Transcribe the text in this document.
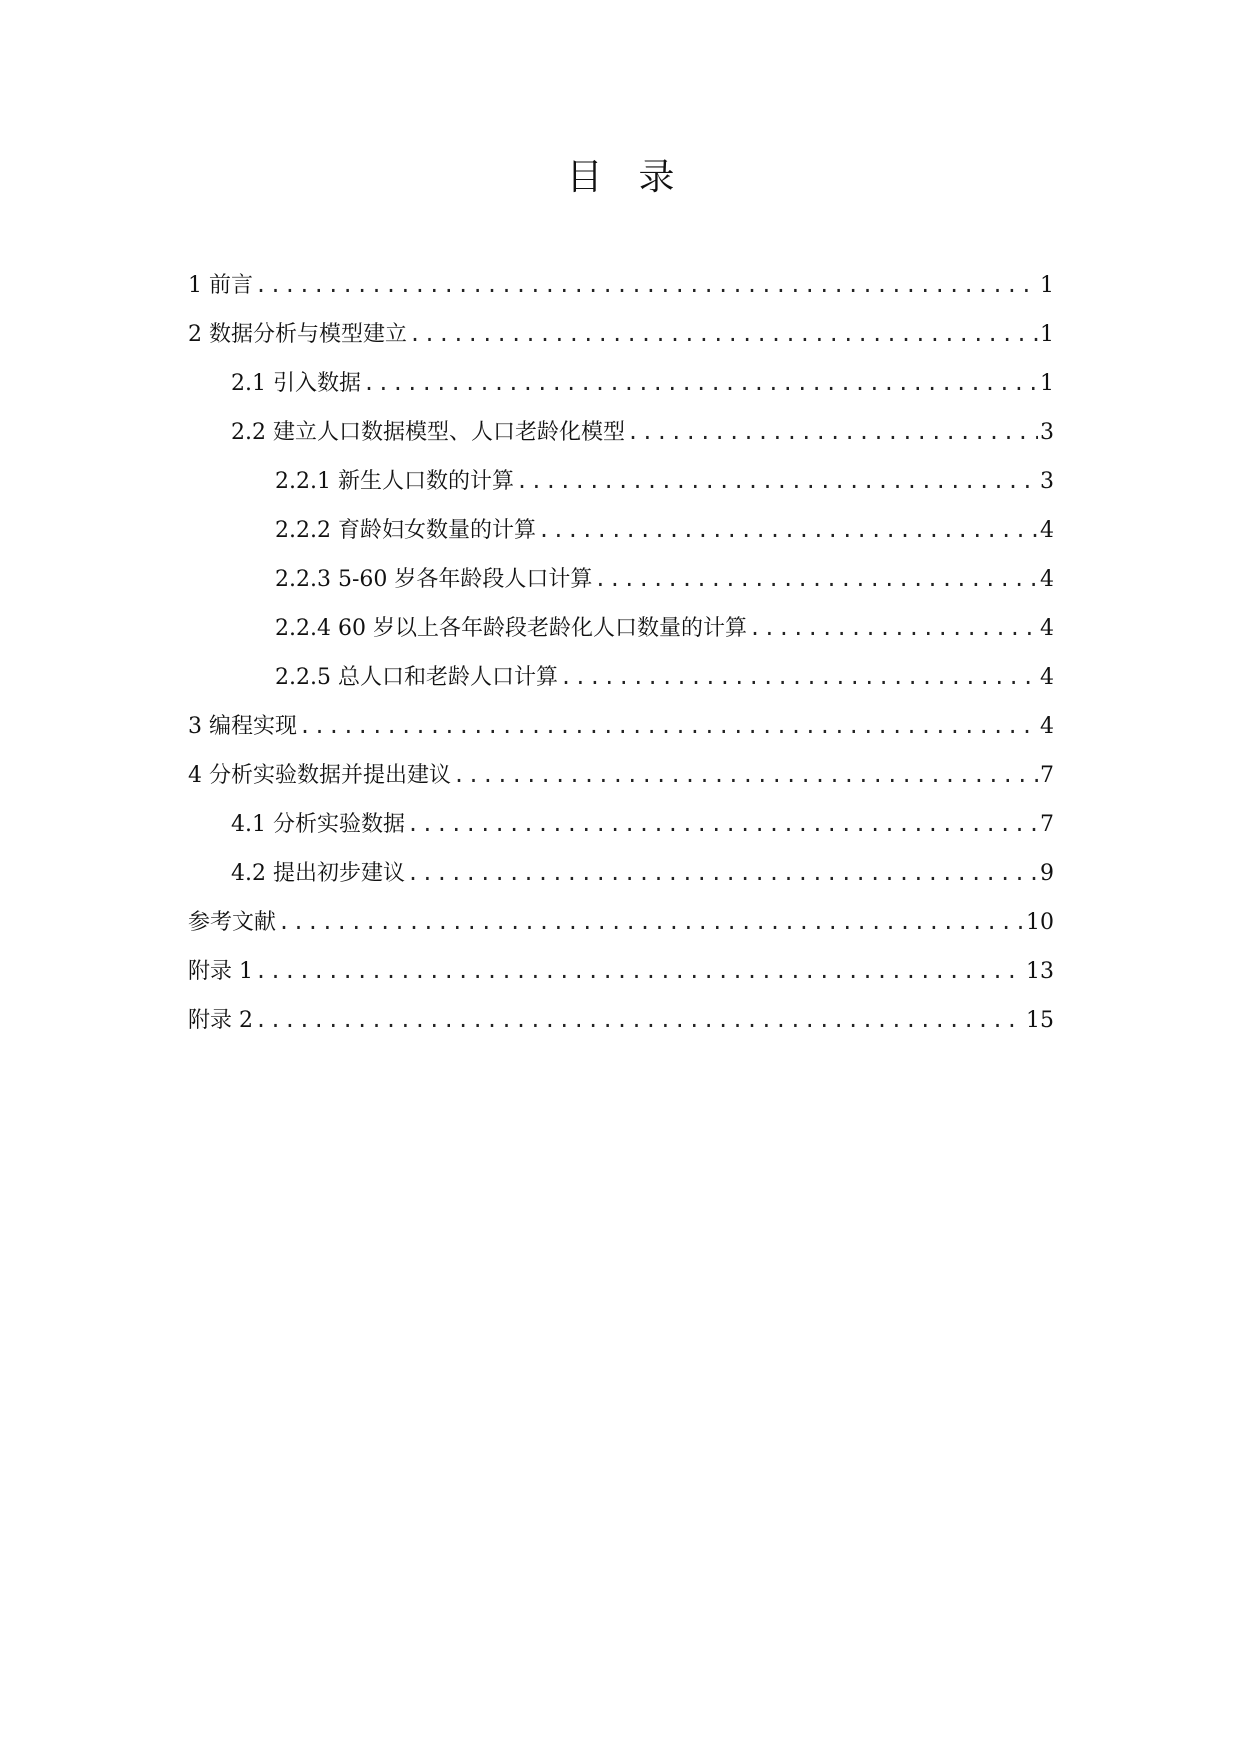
目　录
1 前言 .....	1
2 数据分析与模型建立 .....	1
2.1 引入数据 .....	1
2.2 建立人口数据模型、人口老龄化模型 .....	3
2.2.1 新生人口数的计算 .....	3
2.2.2 育龄妇女数量的计算 .....	4
2.2.3 5-60 岁各年龄段人口计算 .....	4
2.2.4 60 岁以上各年龄段老龄化人口数量的计算 .....	4
2.2.5 总人口和老龄人口计算 .....	4
3 编程实现 .....	4
4 分析实验数据并提出建议 .....	7
4.1 分析实验数据 .....	7
4.2 提出初步建议 .....	9
参考文献 .....	10
附录 1 .....	13
附录 2 .....	15
